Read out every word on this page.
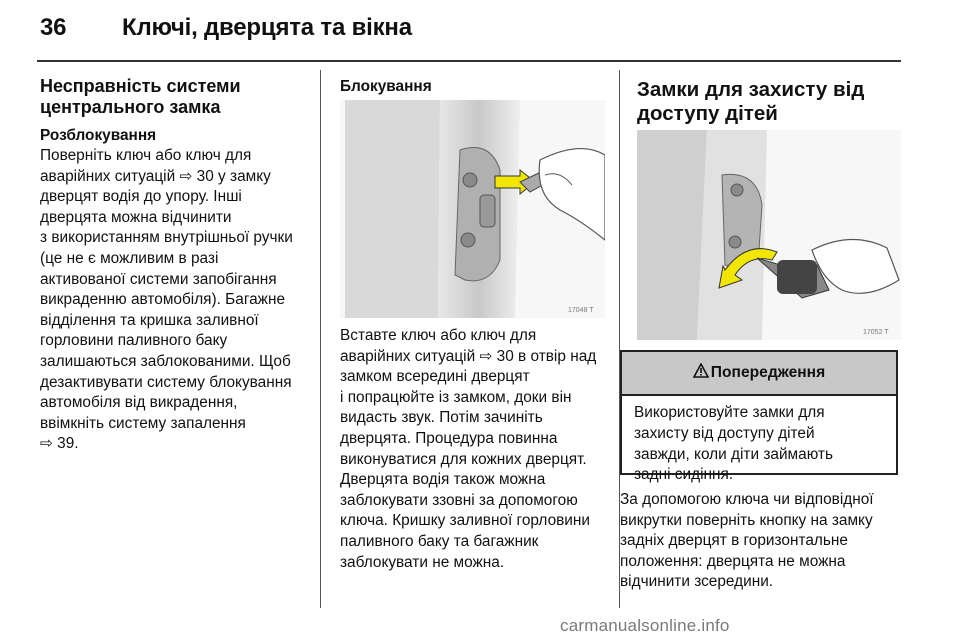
36 Ключі, дверцята та вікна
Несправність системи
центрального замка
Розблокування
Поверніть ключ або ключ для
аварійних ситуацій ⇨ 30 у замку
дверцят водія до упору. Інші
дверцята можна відчинити
з використанням внутрішньої ручки
(це не є можливим в разі
активованої системи запобігання
викраденню автомобіля). Багажне
відділення та кришка заливної
горловини паливного баку
залишаються заблокованими. Щоб
дезактивувати систему блокування
автомобіля від викрадення,
ввімкніть систему запалення
⇨ 39.
Блокування
17048 T
Вставте ключ або ключ для
аварійних ситуацій ⇨ 30 в отвір над
замком всередині дверцят
і попрацюйте із замком, доки він
видасть звук. Потім зачиніть
дверцята. Процедура повинна
виконуватися для кожних дверцят.
Дверцята водія також можна
заблокувати ззовні за допомогою
ключа. Кришку заливної горловини
паливного баку та багажник
заблокувати не можна.
Замки для захисту від
доступу дітей
17052 T
Попередження
Використовуйте замки для
захисту від доступу дітей
завжди, коли діти займають
задні сидіння.
За допомогою ключа чи відповідної
викрутки поверніть кнопку на замку
задніх дверцят в горизонтальне
положення: дверцята не можна
відчинити зсередини.
carmanualsonline.info
